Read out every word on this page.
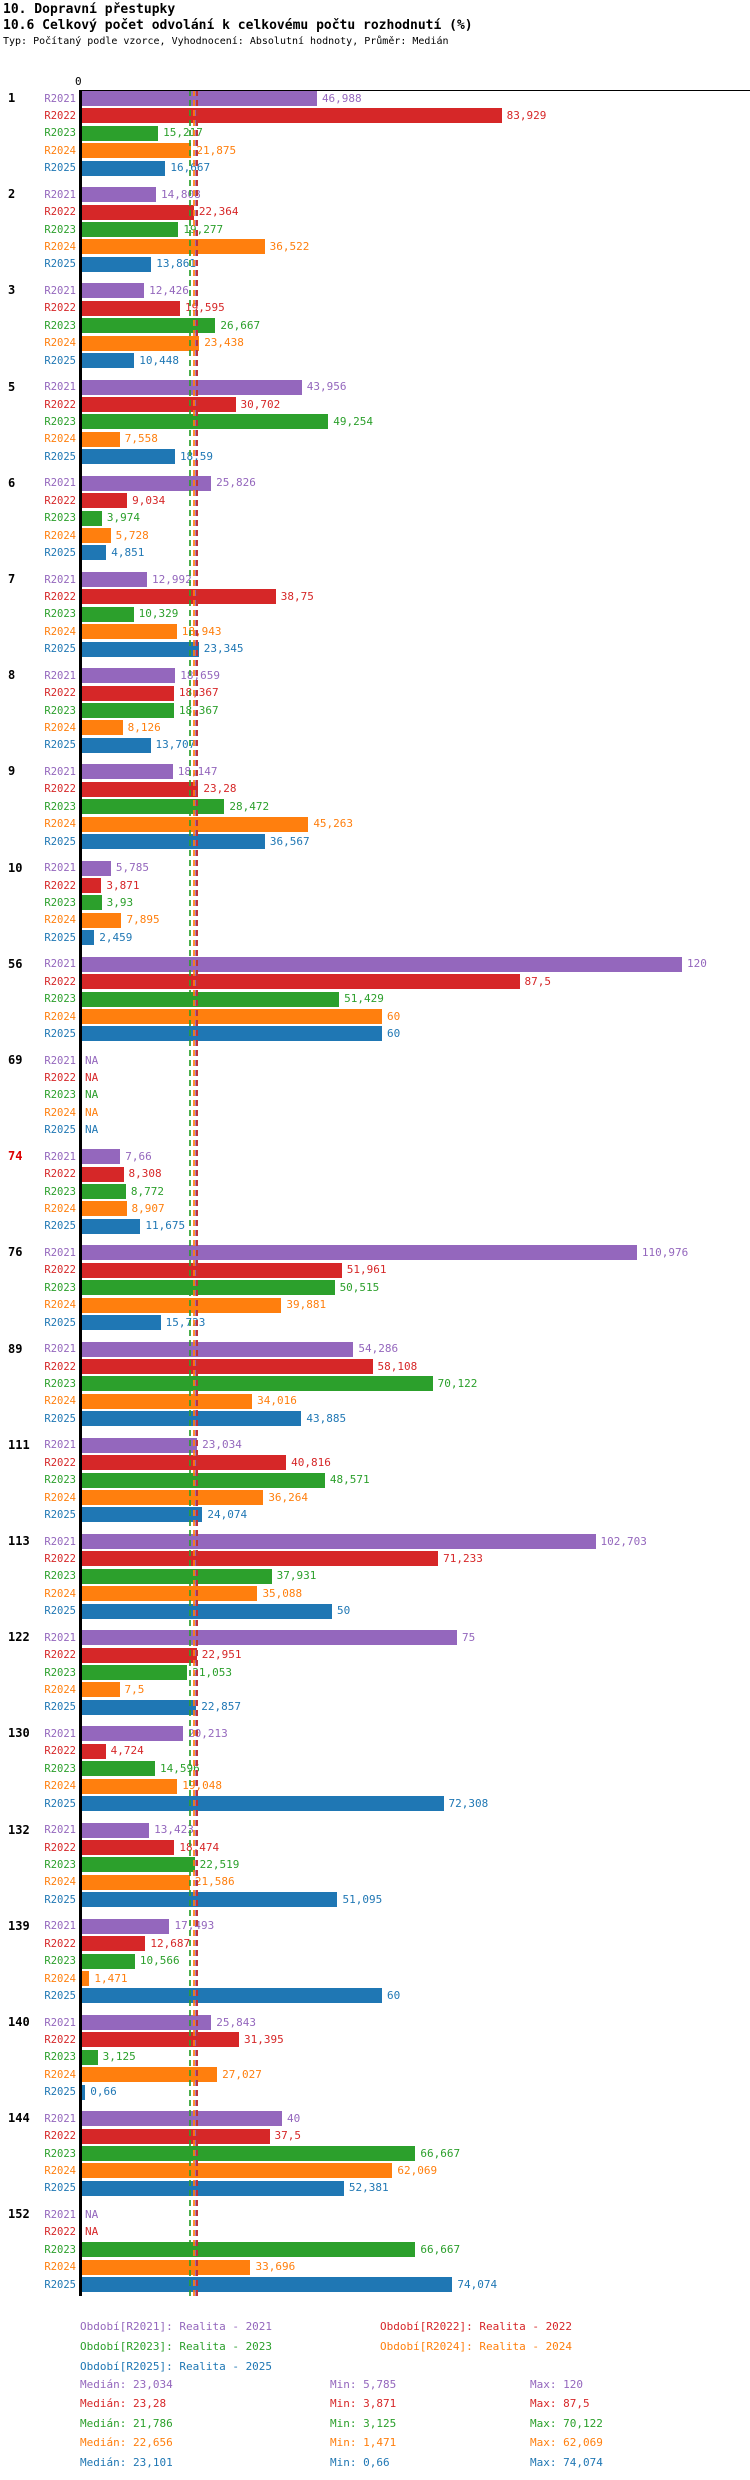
10. Dopravní přestupky
10.6 Celkový počet odvolání k celkovému počtu rozhodnutí (%)
Typ: Počítaný podle vzorce, Vyhodnocení: Absolutní hodnoty, Průměr: Medián
0
1	R2021	46,988
R2022	83,929
R2023	15,217
R2024	21,875
R2025	16,667
2	R2021	14,808
R2022	22,364
R2023	19,277
R2024	36,522
R2025	13,861
3	R2021	12,426
R2022	19,595
R2023	26,667
R2024	23,438
R2025	10,448
5	R2021	43,956
R2022	30,702
R2023	49,254
R2024	7,558
R2025	18,59
6	R2021	25,826
R2022	9,034
R2023	3,974
R2024	5,728
R2025	4,851
7	R2021	12,992
R2022	38,75
R2023	10,329
R2024	18,943
R2025	23,345
8	R2021	18,659
R2022	18,367
R2023	18,367
R2024	8,126
R2025	13,707
9	R2021	18,147
R2022	23,28
R2023	28,472
R2024	45,263
R2025	36,567
10	R2021	5,785
R2022	3,871
R2023	3,93
R2024	7,895
R2025 2,459
56	R2021	120
R2022	87,5
R2023	51,429
R2024	60
R2025	60
69	R2021 NA
R2022 NA
R2023 NA
R2024 NA
R2025 NA
74	R2021	7,66
R2022	8,308
R2023	8,772
R2024	8,907
R2025	11,675
76	R2021	110,976
R2022	51,961
R2023	50,515
R2024	39,881
R2025	15,723
89	R2021	54,286
R2022	58,108
R2023	70,122
R2024	34,016
R2025	43,885
111	R2021	23,034
R2022	40,816
R2023	48,571
R2024	36,264
R2025	24,074
113	R2021	102,703
R2022	71,233
R2023	37,931
R2024	35,088
R2025	50
122	R2021	75
R2022	22,951
R2023	21,053
R2024	7,5
R2025	22,857
130	R2021	20,213
R2022	4,724
R2023	14,596
R2024	19,048
R2025	72,308
132	R2021	13,423
R2022	18,474
R2023	22,519
R2024	21,586
R2025	51,095
139	R2021	17,493
R2022	12,687
R2023	10,566
R2024 1,471
R2025	60
140	R2021	25,843
R2022	31,395
R2023 3,125
R2024	27,027
R2025 0,66
144	R2021	40
R2022	37,5
R2023	66,667
R2024	62,069
R2025	52,381
152	R2021 NA
R2022 NA
R2023	66,667
R2024	33,696
R2025	74,074
Období[R2021]: Realita - 2021	Období[R2022]: Realita - 2022
Období[R2023]: Realita - 2023	Období[R2024]: Realita - 2024
Období[R2025]: Realita - 2025
Medián: 23,034	Min: 5,785	Max: 120
Medián: 23,28	Min: 3,871	Max: 87,5
Medián: 21,786	Min: 3,125	Max: 70,122
Medián: 22,656	Min: 1,471	Max: 62,069
Medián: 23,101	Min: 0,66	Max: 74,074
